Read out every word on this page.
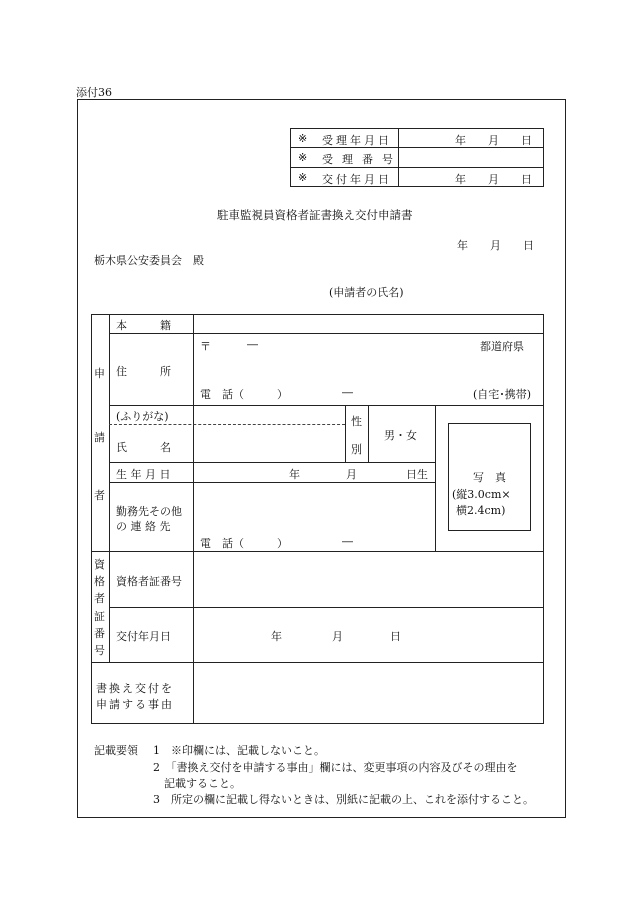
添付36
※ 受理年月日	年　　月　　日
※ 受理番号
※ 交付年月日	年　　月　　日
駐車監視員資格者証書換え交付申請書
年　　月　　日
栃木県公安委員会　殿
(申請者の氏名)
申
請
者
本　　　籍
住　　　所
〒	―	都道府県
電　話（　　　）	―	(自宅･携帯)
(ふりがな)
氏　　　名
性
別
男・女
生 年 月 日	年	月	日生
勤務先その他
の 連 絡 先
電　話（　　　）	―
写　真
(縦3.0cm×
横2.4cm)
資
格
者
証
番
号
資格者証番号
交付年月日	年	月	日
書換え交付を
申請する事由
記載要領 1　※印欄には、記載しないこと。
2　「書換え交付を申請する事由」欄には、変更事項の内容及びその理由を
記載すること。
3　所定の欄に記載し得ないときは、別紙に記載の上、これを添付すること。
